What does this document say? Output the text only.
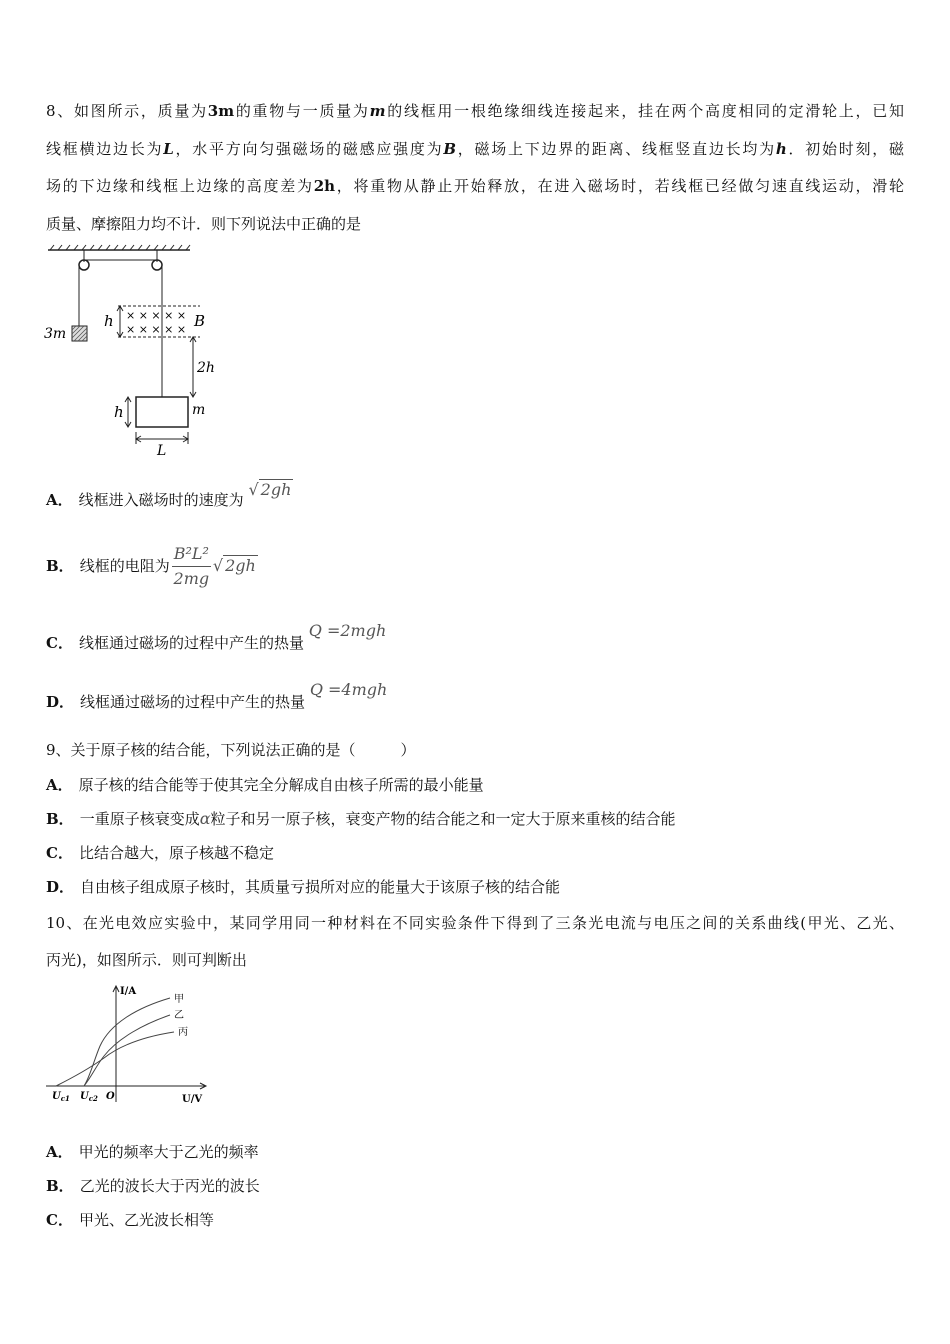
8、如图所示，质量为3m的重物与一质量为m的线框用一根绝缘细线连接起来，挂在两个高度相同的定滑轮上，已知
线框横边边长为L，水平方向匀强磁场的磁感应强度为B，磁场上下边界的距离、线框竖直边长均为h．初始时刻，磁
场的下边缘和线框上边缘的高度差为2h，将重物从静止开始释放，在进入磁场时，若线框已经做匀速直线运动，滑轮
质量、摩擦阻力均不计．则下列说法中正确的是
3m
× × × × ×
× × × × × B
h
2h
m
h
L
A． 线框进入磁场时的速度为 √ 2gh
B． 线框的电阻为 $\frac{\text{B²L²}}{2mg}$ √ 2gh
C． 线框通过磁场的过程中产生的热量 Q =2mgh
D． 线框通过磁场的过程中产生的热量 Q =4mgh
9、关于原子核的结合能，下列说法正确的是（　　　）
A． 原子核的结合能等于使其完全分解成自由核子所需的最小能量
B． 一重原子核衰变成α粒子和另一原子核，衰变产物的结合能之和一定大于原来重核的结合能
C． 比结合越大，原子核越不稳定
D． 自由核子组成原子核时，其质量亏损所对应的能量大于该原子核的结合能
10、在光电效应实验中，某同学用同一种材料在不同实验条件下得到了三条光电流与电压之间的关系曲线(甲光、乙光、
丙光)，如图所示．则可判断出
I/A
U/V
O
$U_{c1}$ $U_{c2}$
甲
乙
丙
A． 甲光的频率大于乙光的频率
B． 乙光的波长大于丙光的波长
C． 甲光、乙光波长相等
